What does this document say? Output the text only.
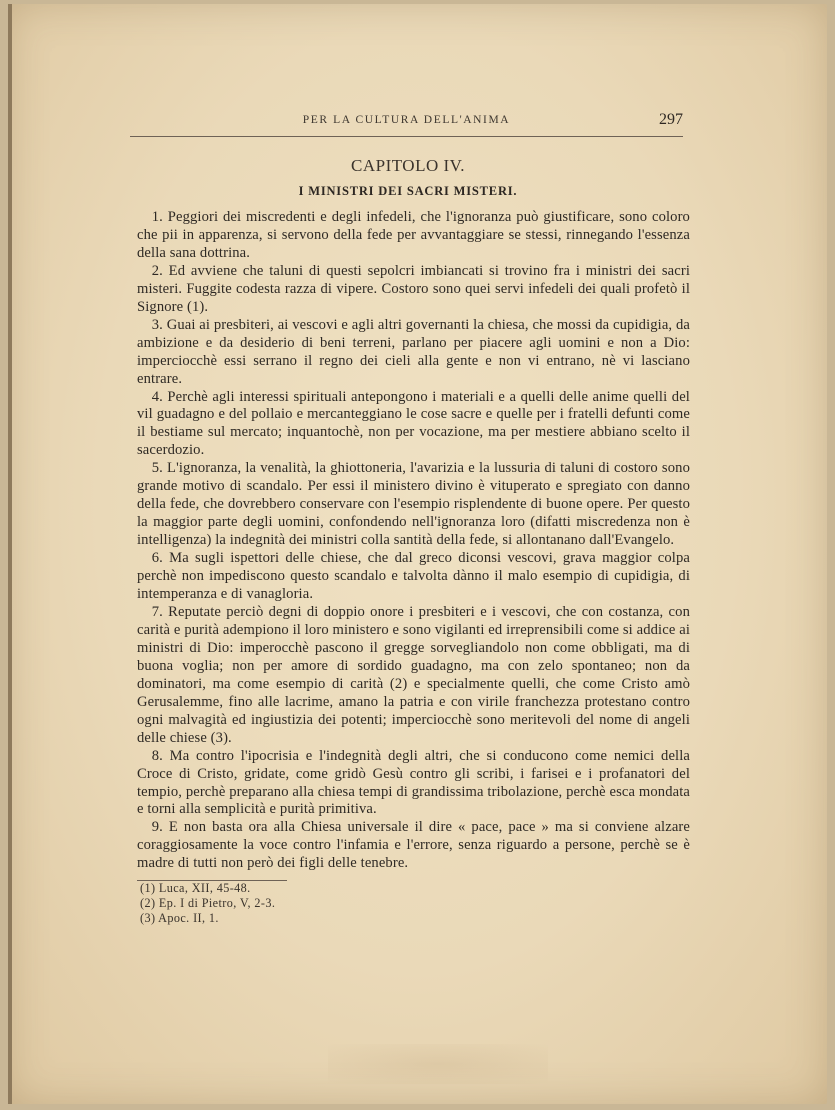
PER LA CULTURA DELL'ANIMA	297
CAPITOLO IV.
I MINISTRI DEI SACRI MISTERI.

 1. Peggiori dei miscredenti e degli infedeli, che l'ignoranza può giustificare, sono coloro che pii in apparenza, si servono della fede per avvantaggiare se stessi, rinnegando l'essenza della sana dottrina.

 2. Ed avviene che taluni di questi sepolcri imbiancati si trovino fra i ministri dei sacri misteri. Fuggite codesta razza di vipere. Costoro sono quei servi infedeli dei quali profetò il Signore (1).

 3. Guai ai presbiteri, ai vescovi e agli altri governanti la chiesa, che mossi da cupidigia, da ambizione e da desiderio di beni terreni, parlano per piacere agli uomini e non a Dio: imperciocchè essi serrano il regno dei cieli alla gente e non vi entrano, nè vi lasciano entrare.

 4. Perchè agli interessi spirituali antepongono i materiali e a quelli delle anime quelli del vil guadagno e del pollaio e mercanteggiano le cose sacre e quelle per i fratelli defunti come il bestiame sul mercato; inquantochè, non per vocazione, ma per mestiere abbiano scelto il sacerdozio.

 5. L'ignoranza, la venalità, la ghiottoneria, l'avarizia e la lussuria di taluni di costoro sono grande motivo di scandalo. Per essi il ministero divino è vituperato e spregiato con danno della fede, che dovrebbero conservare con l'esempio risplendente di buone opere. Per questo la maggior parte degli uomini, confondendo nell'ignoranza loro (difatti miscredenza non è intelligenza) la indegnità dei ministri colla santità della fede, si allontanano dall'Evangelo.

 6. Ma sugli ispettori delle chiese, che dal greco diconsi vescovi, grava maggior colpa perchè non impediscono questo scandalo e talvolta dànno il malo esempio di cupidigia, di intemperanza e di vanagloria.

 7. Reputate perciò degni di doppio onore i presbiteri e i vescovi, che con costanza, con carità e purità adempiono il loro ministero e sono vigilanti ed irreprensibili come si addice ai ministri di Dio: imperocchè pascono il gregge sorvegliandolo non come obbligati, ma di buona voglia; non per amore di sordido guadagno, ma con zelo spontaneo; non da dominatori, ma come esempio di carità (2) e specialmente quelli, che come Cristo amò Gerusalemme, fino alle lacrime, amano la patria e con virile franchezza protestano contro ogni malvagità ed ingiustizia dei potenti; imperciocchè sono meritevoli del nome di angeli delle chiese (3).

 8. Ma contro l'ipocrisia e l'indegnità degli altri, che si conducono come nemici della Croce di Cristo, gridate, come gridò Gesù contro gli scribi, i farisei e i profanatori del tempio, perchè preparano alla chiesa tempi di grandissima tribolazione, perchè esca mondata e torni alla semplicità e purità primitiva.

 9. E non basta ora alla Chiesa universale il dire « pace, pace » ma si conviene alzare coraggiosamente la voce contro l'infamia e l'errore, senza riguardo a persone, perchè se è madre di tutti non però dei figli delle tenebre.

(1) Luca, XII, 45-48.

(2) Ep. I di Pietro, V, 2-3.

(3) Apoc. II, 1.
